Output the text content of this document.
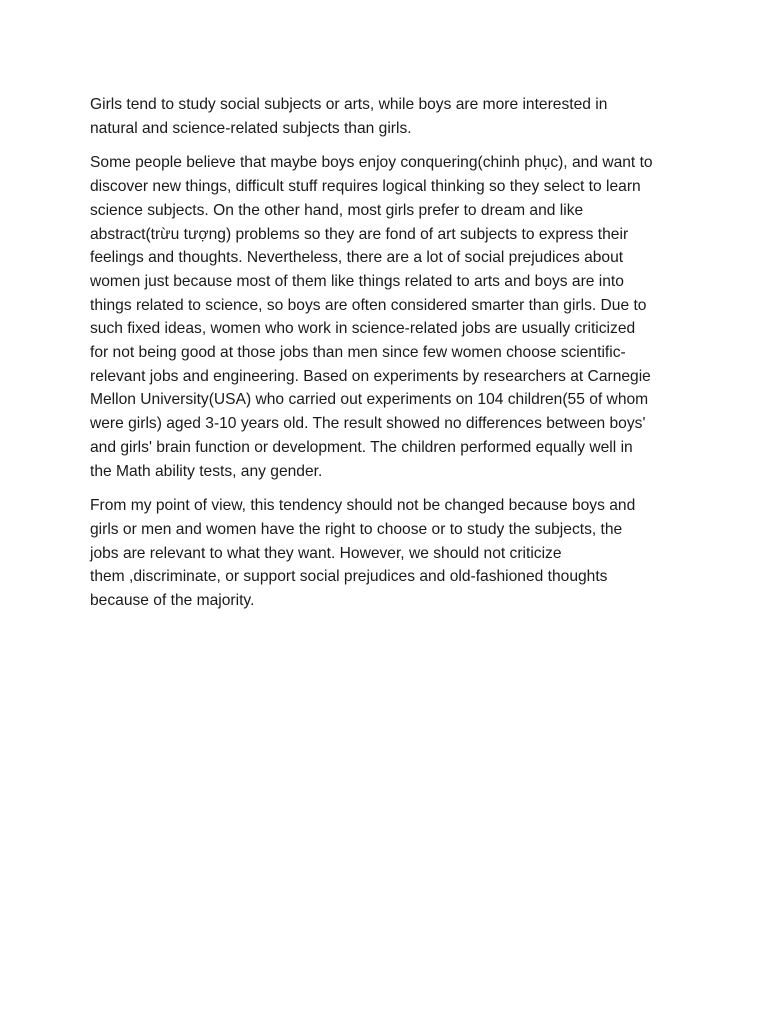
Girls tend to study social subjects or arts, while boys are more interested in
natural and science-related subjects than girls.

Some people believe that maybe boys enjoy conquering(chinh phục), and want to
discover new things, difficult stuff requires logical thinking so they select to learn
science subjects. On the other hand, most girls prefer to dream and like
abstract(trừu tượng) problems so they are fond of art subjects to express their
feelings and thoughts. Nevertheless, there are a lot of social prejudices about
women just because most of them like things related to arts and boys are into
things related to science, so boys are often considered smarter than girls. Due to
such fixed ideas, women who work in science-related jobs are usually criticized
for not being good at those jobs than men since few women choose scientific-
relevant jobs and engineering. Based on experiments by researchers at Carnegie
Mellon University(USA) who carried out experiments on 104 children(55 of whom
were girls) aged 3-10 years old. The result showed no differences between boys'
and girls' brain function or development. The children performed equally well in
the Math ability tests, any gender.

From my point of view, this tendency should not be changed because boys and
girls or men and women have the right to choose or to study the subjects, the
jobs are relevant to what they want. However, we should not criticize
them ,discriminate, or support social prejudices and old-fashioned thoughts
because of the majority.
